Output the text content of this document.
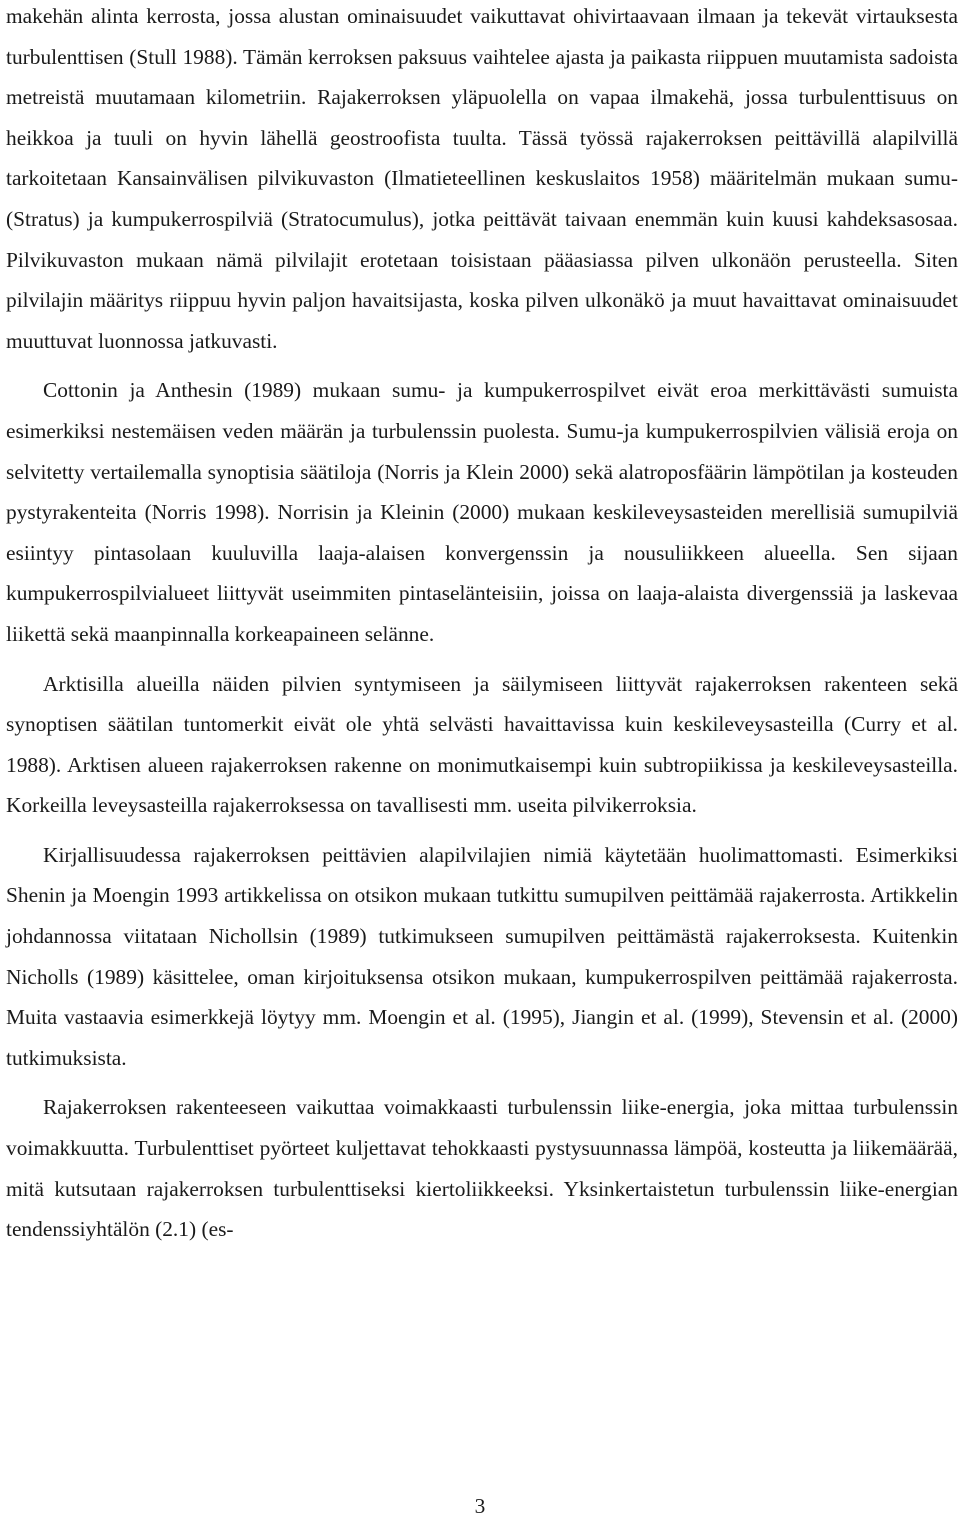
makehän alinta kerrosta, jossa alustan ominaisuudet vaikuttavat ohivirtaavaan ilmaan ja tekevät virtauksesta turbulenttisen (Stull 1988). Tämän kerroksen paksuus vaihtelee ajasta ja paikasta riippuen muutamista sadoista metreistä muutamaan kilometriin. Rajakerroksen yläpuolella on vapaa ilmakehä, jossa turbulenttisuus on heikkoa ja tuuli on hyvin lähellä geostroofista tuulta. Tässä työssä rajakerroksen peittävillä alapilvillä tarkoitetaan Kansainvälisen pilvikuvaston (Ilmatieteellinen keskuslaitos 1958) määritelmän mukaan sumu- (Stratus) ja kumpukerrospilviä (Stratocumulus), jotka peittävät taivaan enemmän kuin kuusi kahdeksasosaa. Pilvikuvaston mukaan nämä pilvilajit erotetaan toisistaan pääasiassa pilven ulkonäön perusteella. Siten pilvilajin määritys riippuu hyvin paljon havaitsijasta, koska pilven ulkonäkö ja muut havaittavat ominaisuudet muuttuvat luonnossa jatkuvasti.

Cottonin ja Anthesin (1989) mukaan sumu- ja kumpukerrospilvet eivät eroa merkittävästi sumuista esimerkiksi nestemäisen veden määrän ja turbulenssin puolesta. Sumu-ja kumpukerrospilvien välisiä eroja on selvitetty vertailemalla synoptisia säätiloja (Norris ja Klein 2000) sekä alatroposfäärin lämpötilan ja kosteuden pystyrakenteita (Norris 1998). Norrisin ja Kleinin (2000) mukaan keskileveysasteiden merellisiä sumupilviä esiintyy pintasolaan kuuluvilla laaja-alaisen konvergenssin ja nousuliikkeen alueella. Sen sijaan kumpukerrospilvialueet liittyvät useimmiten pintaselänteisiin, joissa on laaja-alaista divergenssiä ja laskevaa liikettä sekä maanpinnalla korkeapaineen selänne.

Arktisilla alueilla näiden pilvien syntymiseen ja säilymiseen liittyvät rajakerroksen rakenteen sekä synoptisen säätilan tuntomerkit eivät ole yhtä selvästi havaittavissa kuin keskileveysasteilla (Curry et al. 1988). Arktisen alueen rajakerroksen rakenne on monimutkaisempi kuin subtropiikissa ja keskileveysasteilla. Korkeilla leveysasteilla rajakerroksessa on tavallisesti mm. useita pilvikerroksia.

Kirjallisuudessa rajakerroksen peittävien alapilvilajien nimiä käytetään huolimattomasti. Esimerkiksi Shenin ja Moengin 1993 artikkelissa on otsikon mukaan tutkittu sumupilven peittämää rajakerrosta. Artikkelin johdannossa viitataan Nichollsin (1989) tutkimukseen sumupilven peittämästä rajakerroksesta. Kuitenkin Nicholls (1989) käsittelee, oman kirjoituksensa otsikon mukaan, kumpukerrospilven peittämää rajakerrosta. Muita vastaavia esimerkkejä löytyy mm. Moengin et al. (1995), Jiangin et al. (1999), Stevensin et al. (2000) tutkimuksista.

Rajakerroksen rakenteeseen vaikuttaa voimakkaasti turbulenssin liike-energia, joka mittaa turbulenssin voimakkuutta. Turbulenttiset pyörteet kuljettavat tehokkaasti pystysuunnassa lämpöä, kosteutta ja liikemäärää, mitä kutsutaan rajakerroksen turbulenttiseksi kiertoliikkeeksi. Yksinkertaistetun turbulenssin liike-energian tendenssiyhtälön (2.1) (es-

3
